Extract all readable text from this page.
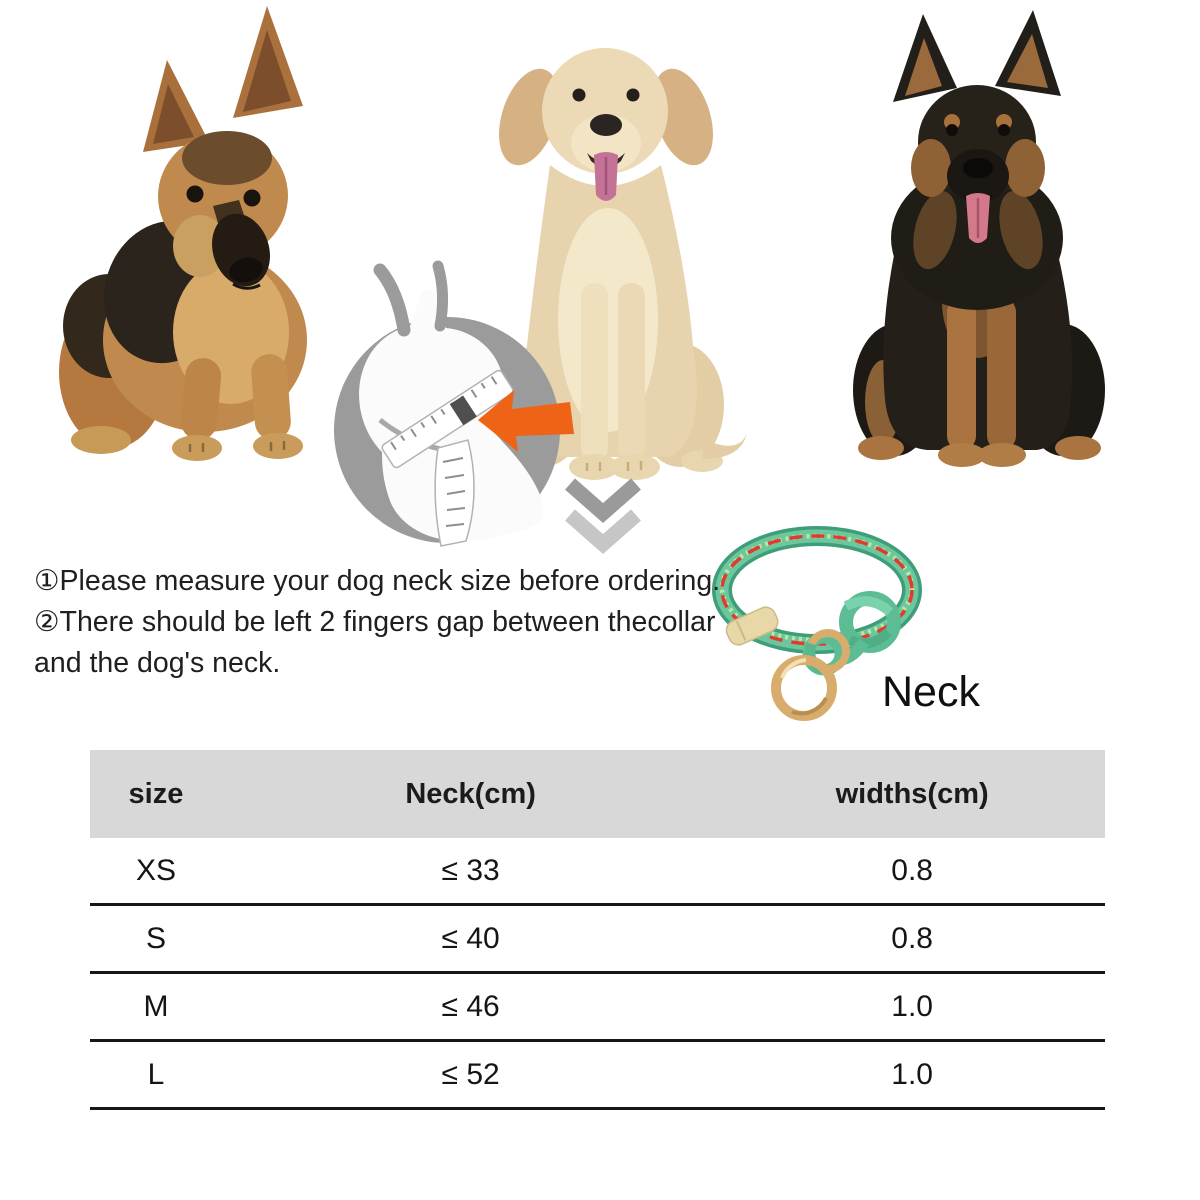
①Please measure your dog neck size before ordering.
②There should be left 2 fingers gap between thecollar
and the dog's neck.
Neck
size	Neck(cm)	widths(cm)
XS	≤ 33	0.8
S	≤ 40	0.8
M	≤ 46	1.0
L	≤ 52	1.0
